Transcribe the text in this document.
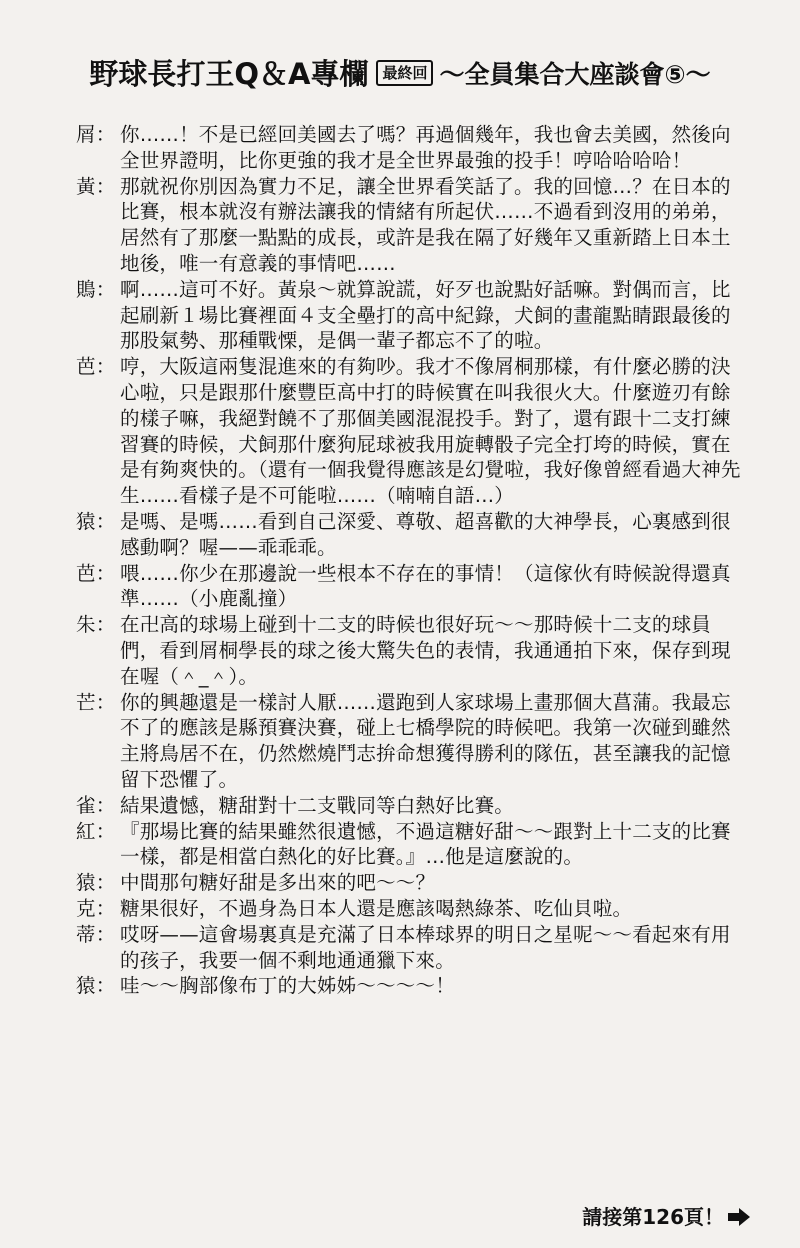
野球長打王Q＆A專欄 最終回 ～全員集合大座談會⑤～
屑： 你……！不是已經回美國去了嗎？再過個幾年，我也會去美國，然後向全世界證明，比你更強的我才是全世界最強的投手！哼哈哈哈哈！
黃： 那就祝你別因為實力不足，讓全世界看笑話了。我的回憶…？在日本的比賽，根本就沒有辦法讓我的情緒有所起伏……不過看到沒用的弟弟，居然有了那麼一點點的成長，或許是我在隔了好幾年又重新踏上日本土地後，唯一有意義的事情吧……
鵙： 啊……這可不好。黃泉～就算說謊，好歹也說點好話嘛。對偶而言，比起刷新１場比賽裡面４支全壘打的高中紀錄，犬飼的畫龍點睛跟最後的那股氣勢、那種戰慄，是偶一輩子都忘不了的啦。
芭： 哼，大阪這兩隻混進來的有夠吵。我才不像屑桐那樣，有什麼必勝的決心啦，只是跟那什麼豐臣高中打的時候實在叫我很火大。什麼遊刃有餘的樣子嘛，我絕對饒不了那個美國混混投手。對了，還有跟十二支打練習賽的時候，犬飼那什麼狗屁球被我用旋轉骰子完全打垮的時候，實在是有夠爽快的。（還有一個我覺得應該是幻覺啦，我好像曾經看過大神先生……看樣子是不可能啦……（喃喃自語…）
猿： 是嗎、是嗎……看到自己深愛、尊敬、超喜歡的大神學長，心裏感到很感動啊？喔——乖乖乖。
芭： 喂……你少在那邊說一些根本不存在的事情！（這傢伙有時候說得還真準……（小鹿亂撞）
朱： 在卍高的球場上碰到十二支的時候也很好玩～～那時候十二支的球員們，看到屑桐學長的球之後大驚失色的表情，我通通拍下來，保存到現在喔（＾_＾）。
芒： 你的興趣還是一樣討人厭……還跑到人家球場上畫那個大菖蒲。我最忘不了的應該是縣預賽決賽，碰上七橋學院的時候吧。我第一次碰到雖然主將鳥居不在，仍然燃燒鬥志拚命想獲得勝利的隊伍，甚至讓我的記憶留下恐懼了。
雀： 結果遺憾，糖甜對十二支戰同等白熱好比賽。
紅： 『那場比賽的結果雖然很遺憾，不過這糖好甜～～跟對上十二支的比賽一樣，都是相當白熱化的好比賽。』…他是這麼說的。
猿： 中間那句糖好甜是多出來的吧～～？
克： 糖果很好，不過身為日本人還是應該喝熱綠茶、吃仙貝啦。
蒂： 哎呀——這會場裏真是充滿了日本棒球界的明日之星呢～～看起來有用的孩子，我要一個不剩地通通獵下來。
猿： 哇～～胸部像布丁的大姊姊～～～～！
請接第126頁！
